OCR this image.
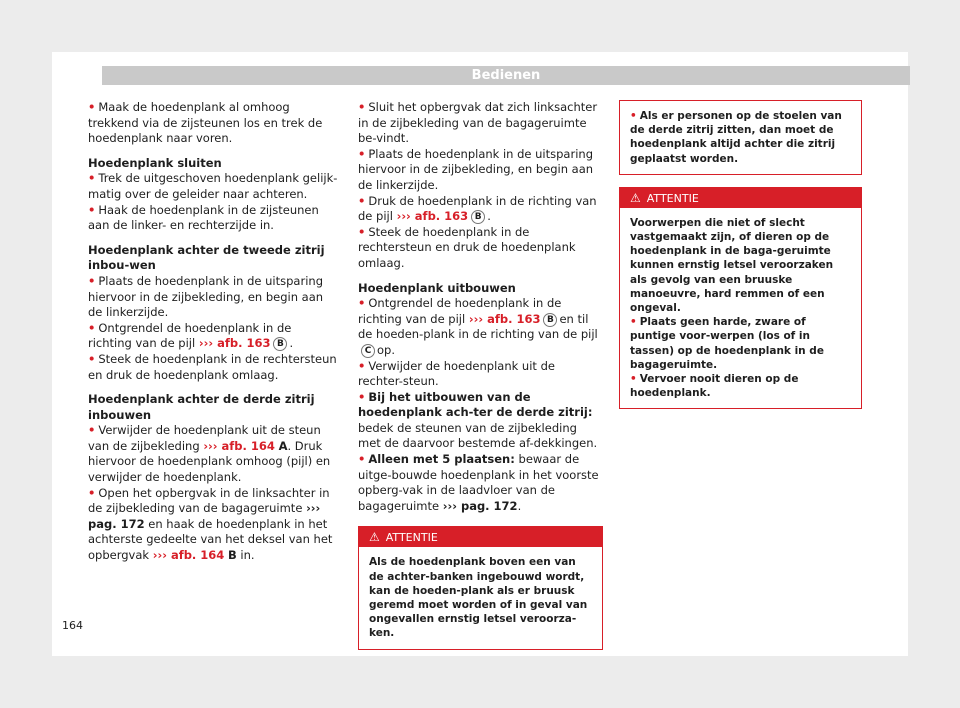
Bedienen

• Maak de hoedenplank al omhoog trekkend via de zijsteunen los en trek de hoedenplank naar voren.

Hoedenplank sluiten

• Trek de uitgeschoven hoedenplank gelijk-matig over de geleider naar achteren.

• Haak de hoedenplank in de zijsteunen aan de linker- en rechterzijde in.

Hoedenplank achter de tweede zitrij inbou-wen

• Plaats de hoedenplank in de uitsparing hiervoor in de zijbekleding, en begin aan de linkerzijde.

• Ontgrendel de hoedenplank in de richting van de pijl ››› afb. 163 B .

• Steek de hoedenplank in de rechtersteun en druk de hoedenplank omlaag.

Hoedenplank achter de derde zitrij inbouwen

• Verwijder de hoedenplank uit de steun van de zijbekleding ››› afb. 164 A. Druk hiervoor de hoedenplank omhoog (pijl) en verwijder de hoedenplank.

• Open het opbergvak in de linksachter in de zijbekleding van de bagageruimte ››› pag. 172 en haak de hoedenplank in het achterste gedeelte van het deksel van het opbergvak ››› afb. 164 B in.

• Sluit het opbergvak dat zich linksachter in de zijbekleding van de bagageruimte be-vindt.

• Plaats de hoedenplank in de uitsparing hiervoor in de zijbekleding, en begin aan de linkerzijde.

• Druk de hoedenplank in de richting van de pijl ››› afb. 163 B .

• Steek de hoedenplank in de rechtersteun en druk de hoedenplank omlaag.

Hoedenplank uitbouwen

• Ontgrendel de hoedenplank in de richting van de pijl ››› afb. 163 B en til de hoeden-plank in de richting van de pijlC op.

• Verwijder de hoedenplank uit de rechter-steun.

• Bij het uitbouwen van de hoedenplank ach-ter de derde zitrij: bedek de steunen van de zijbekleding met de daarvoor bestemde af-dekkingen.

• Alleen met 5 plaatsen: bewaar de uitge-bouwde hoedenplank in het voorste opberg-vak in de laadvloer van de bagageruimte ››› pag. 172.

⚠ ATTENTIE
Als de hoedenplank boven een van de achter-banken ingebouwd wordt, kan de hoeden-plank als er bruusk geremd moet worden of in geval van ongevallen ernstig letsel veroorza-ken.
• Als er personen op de stoelen van de derde zitrij zitten, dan moet de hoedenplank altijd achter die zitrij geplaatst worden.
⚠ ATTENTIE

Voorwerpen die niet of slecht vastgemaakt zijn, of dieren op de hoedenplank in de baga-geruimte kunnen ernstig letsel veroorzaken als gevolg van een bruuske manoeuvre, hard remmen of een ongeval.

• Plaats geen harde, zware of puntige voor-werpen (los of in tassen) op de hoedenplank in de bagageruimte.

• Vervoer nooit dieren op de hoedenplank.

164
